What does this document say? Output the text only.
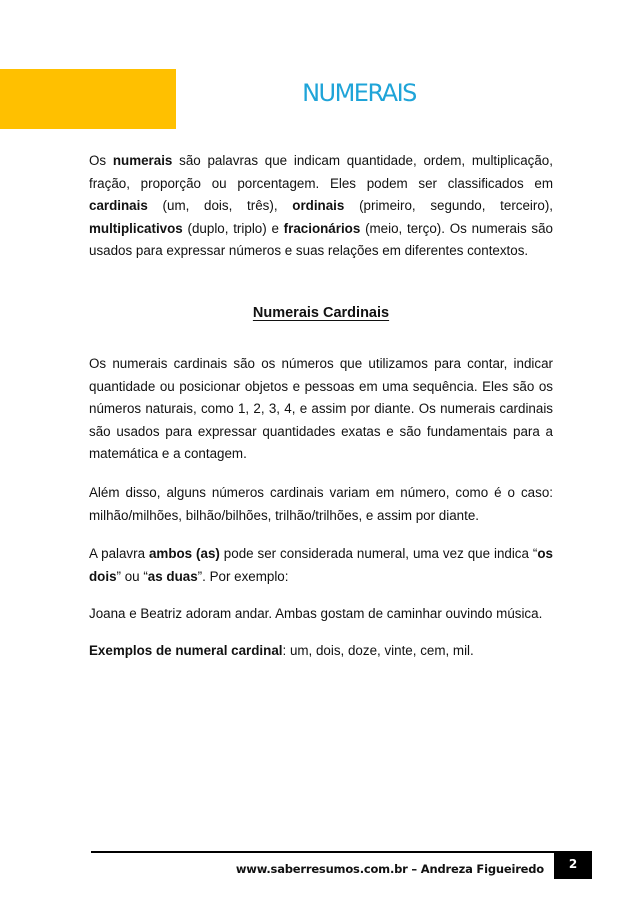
NUMERAIS

Os numerais são palavras que indicam quantidade, ordem, multiplicação, fração, proporção ou porcentagem. Eles podem ser classificados em cardinais (um, dois, três), ordinais (primeiro, segundo, terceiro), multiplicativos (duplo, triplo) e fracionários (meio, terço). Os numerais são usados para expressar números e suas relações em diferentes contextos.

Numerais Cardinais

Os numerais cardinais são os números que utilizamos para contar, indicar quantidade ou posicionar objetos e pessoas em uma sequência. Eles são os números naturais, como 1, 2, 3, 4, e assim por diante. Os numerais cardinais são usados para expressar quantidades exatas e são fundamentais para a matemática e a contagem.

Além disso, alguns números cardinais variam em número, como é o caso: milhão/milhões, bilhão/bilhões, trilhão/trilhões, e assim por diante.

A palavra ambos (as) pode ser considerada numeral, uma vez que indica “os dois” ou “as duas”. Por exemplo:

Joana e Beatriz adoram andar. Ambas gostam de caminhar ouvindo música.

Exemplos de numeral cardinal: um, dois, doze, vinte, cem, mil.

www.saberresumos.com.br – Andreza Figueiredo	2
